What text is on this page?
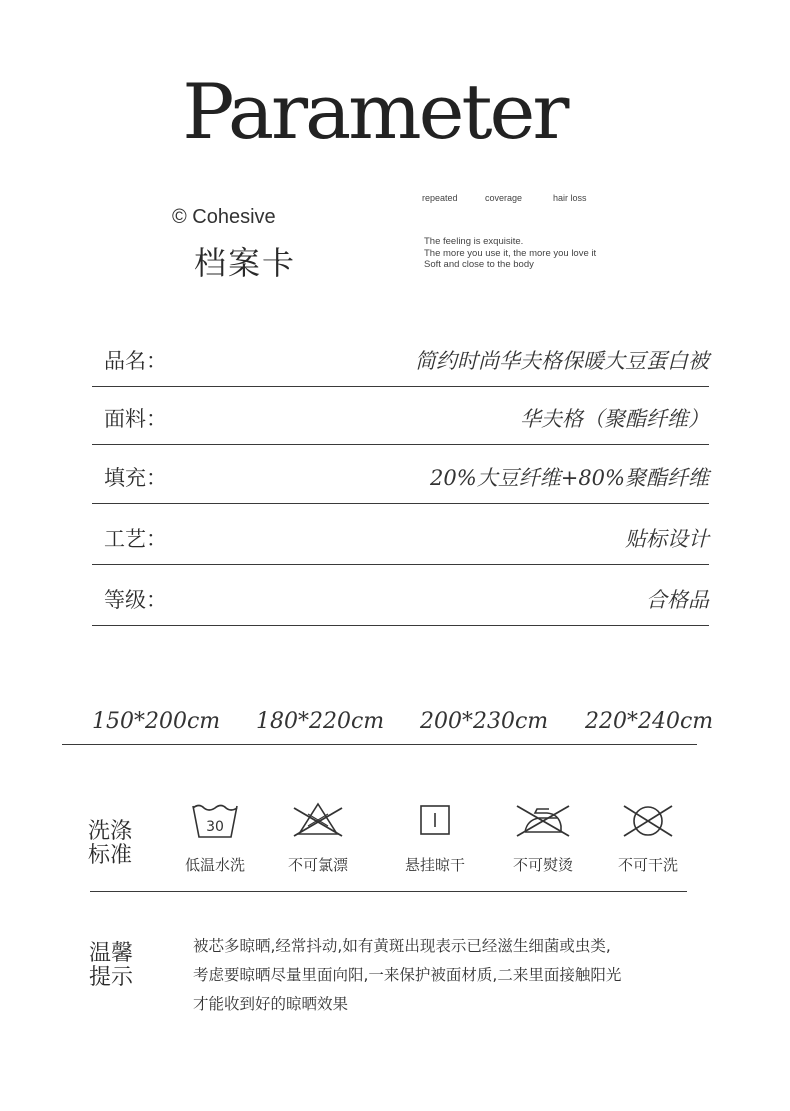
Parameter
© Cohesive
档案卡
repeated	coverage	hair loss
The feeling is exquisite.
The more you use it, the more you love it
Soft and close to the body
品名：	简约时尚华夫格保暖大豆蛋白被
面料：	华夫格（聚酯纤维）
填充：	20%大豆纤维+80%聚酯纤维
工艺：	贴标设计
等级：	合格品
150*200cm 180*220cm 200*230cm 220*240cm
洗涤
标准
30
低温水洗	不可氯漂	悬挂晾干	不可熨烫	不可干洗
温馨
提示
被芯多晾晒,经常抖动,如有黄斑出现表示已经滋生细菌或虫类,
考虑要晾晒尽量里面向阳,一来保护被面材质,二来里面接触阳光
才能收到好的晾晒效果
